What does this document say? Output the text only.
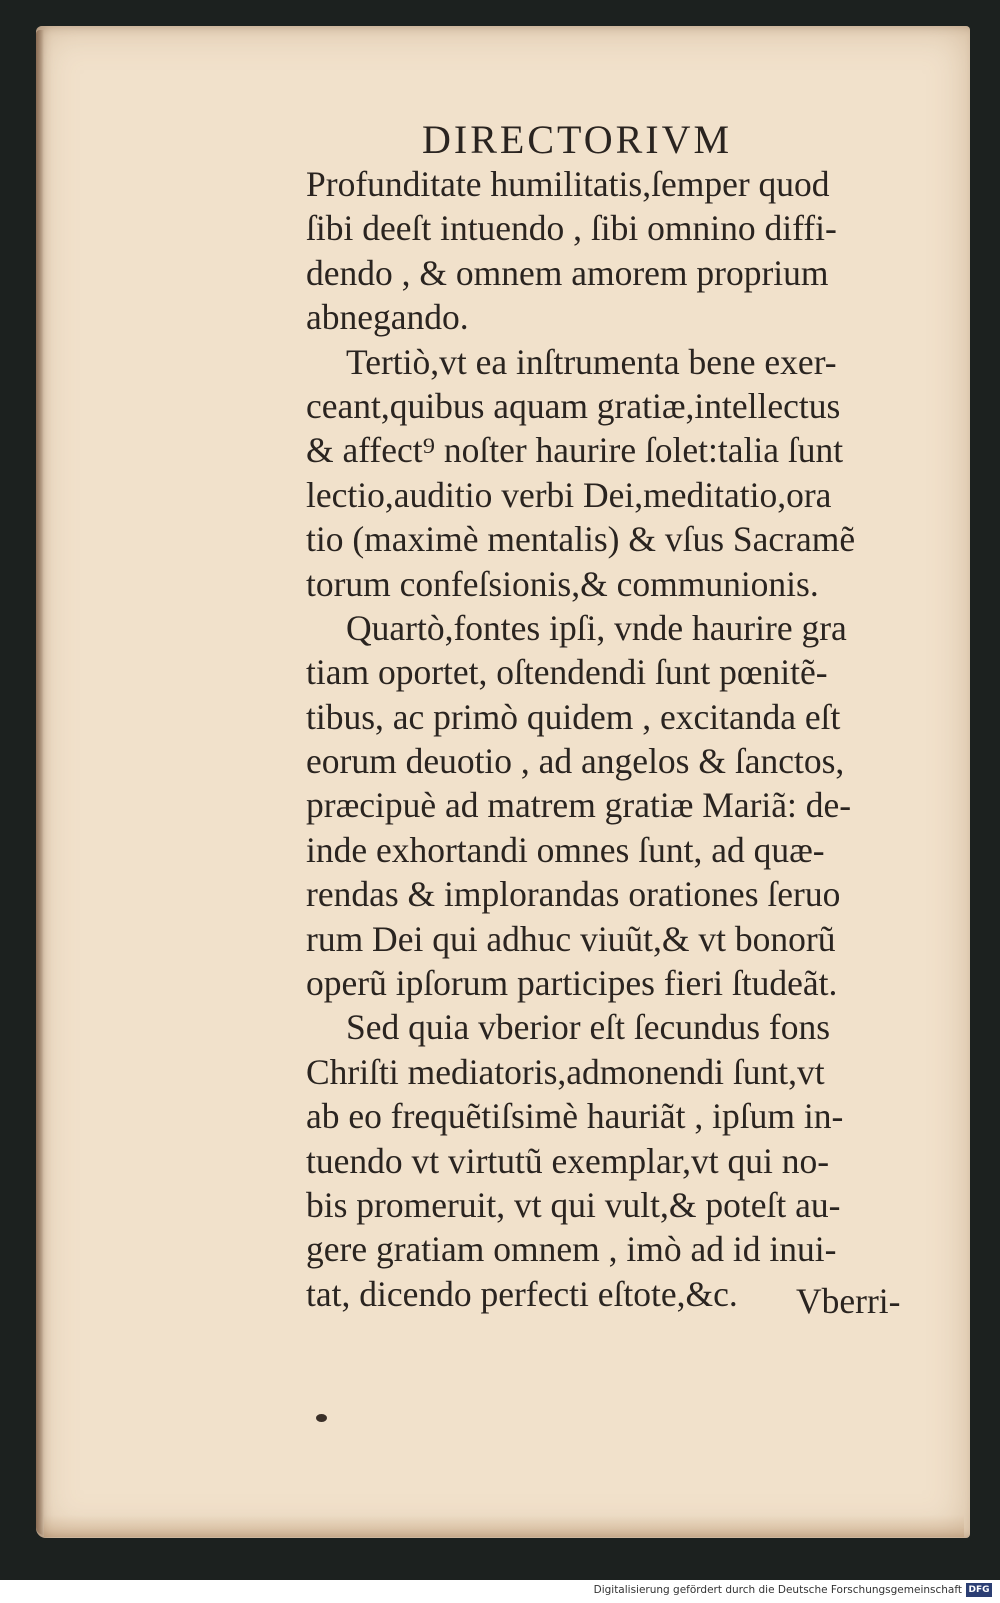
DIRECTORIVM
Profunditate humilitatis,ſemper quod
ſibi deeſt intuendo , ſibi omnino diffi-
dendo , & omnem amorem proprium
abnegando.
Tertiò,vt ea inſtrumenta bene exer-
ceant,quibus aquam gratiæ,intellectus
& affect⁹ noſter haurire ſolet:talia ſunt
lectio,auditio verbi Dei,meditatio,ora
tio (maximè mentalis) & vſus Sacramẽ
torum confeſsionis,& communionis.
Quartò,fontes ipſi, vnde haurire gra
tiam oportet, oſtendendi ſunt pœnitẽ-
tibus, ac primò quidem , excitanda eſt
eorum deuotio , ad angelos & ſanctos,
præcipuè ad matrem gratiæ Mariã: de-
inde exhortandi omnes ſunt, ad quæ-
rendas & implorandas orationes ſeruo
rum Dei qui adhuc viuũt,& vt bonorũ
operũ ipſorum participes fieri ſtudeãt.
Sed quia vberior eſt ſecundus fons
Chriſti mediatoris,admonendi ſunt,vt
ab eo frequẽtiſsimè hauriãt , ipſum in-
tuendo vt virtutũ exemplar,vt qui no-
bis promeruit, vt qui vult,& poteſt au-
gere gratiam omnem , imò ad id inui-
tat, dicendo perfecti eſtote,&c.	Vberri-
Digitalisierung gefördert durch die Deutsche Forschungsgemeinschaft DFG
